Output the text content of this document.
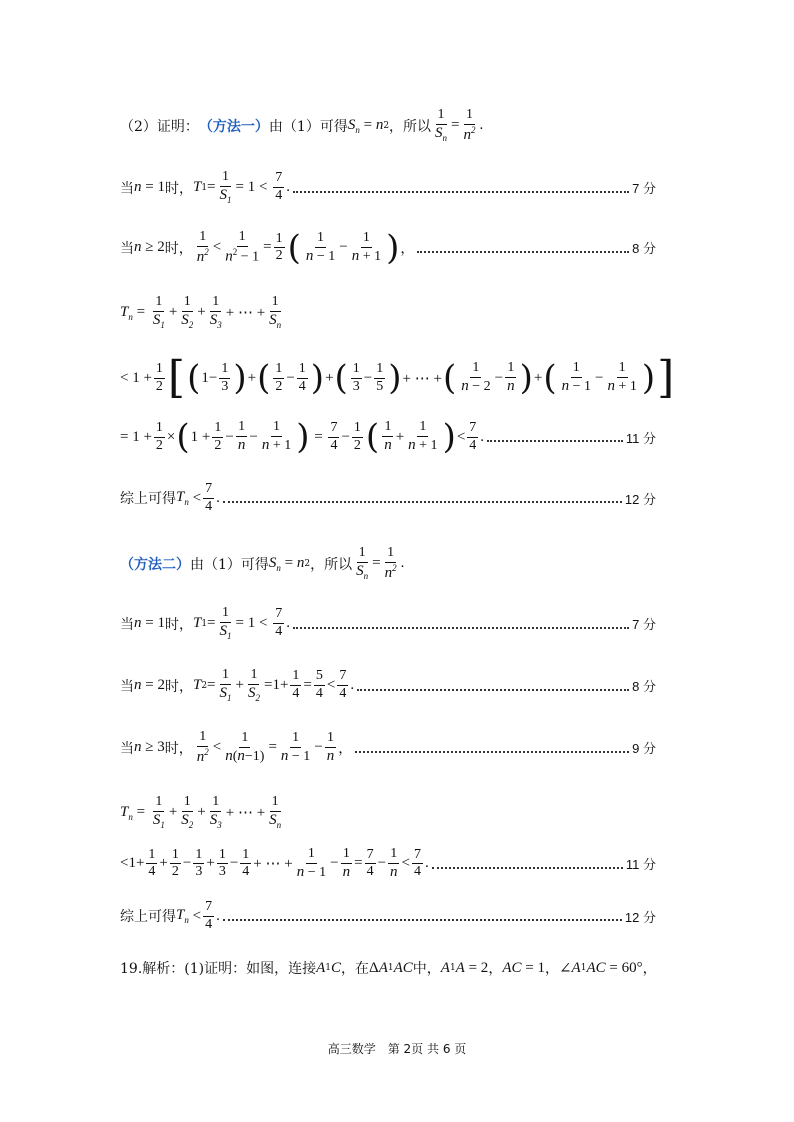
（2）证明： （方法一） 由（1）可得 $S_n = n$ 2 ，所以 $\frac{1}{S_n} = \frac{1}{n^2}$ .
当 n = 1 时， T $1 = \frac{1}{S_1} = 1 < \frac{7}{4}$ .	7 分
当 n ≥ 2 时， $\frac{1}{n^2} < \frac{1}{n^2 - 1} = \frac{1}{2}$ ( $\frac{1}{n - 1} - \frac{1}{n + 1}$ ) ，	8 分
$T_n = \frac{1}{S_1} + \frac{1}{S_2} + \frac{1}{S_3}$ + ⋯ + $\frac{1}{S_n}$
< $1 + \frac{1}{2}$ [ ( $1- \frac{1}{3}$ ) + ( $\frac{1}{2} - \frac{1}{4}$ ) + ( $\frac{1}{3} - \frac{1}{5}$ ) + ⋯ + ( $\frac{1}{n - 2} - \frac{1}{n}$ ) + ( $\frac{1}{n - 1} - \frac{1}{n + 1}$ ) ]
= $1 + \frac{1}{2}$ × ( $1 + \frac{1}{2} - \frac{1}{n} - \frac{1}{n + 1}$ ) = $\frac{7}{4} - \frac{1}{2}$ ( $\frac{1}{n} + \frac{1}{n + 1}$ ) < $\frac{7}{4}$ .	11 分
综上可得 $T_n < \frac{7}{4}$ .	12 分
（方法二） 由（1）可得 $S_n = n$ 2 ，所以 $\frac{1}{S_n} = \frac{1}{n^2}$ .
当 n = 1 时， T $1 = \frac{1}{S_1} = 1 < \frac{7}{4}$ .	7 分
当 n = 2 时， T $2 = \frac{1}{S_1} + \frac{1}{S_2} =1+ \frac{1}{4} = \frac{5}{4} < \frac{7}{4}$ .	8 分
当 n ≥ 3 时， $\frac{1}{n^2} < \frac{1}{n(n-1)} = \frac{1}{n - 1} - \frac{1}{n}$ ，	9 分
$T_n = \frac{1}{S_1} + \frac{1}{S_2} + \frac{1}{S_3}$ + ⋯ + $\frac{1}{S_n}$
$<1+ \frac{1}{4} + \frac{1}{2} - \frac{1}{3} + \frac{1}{3} - \frac{1}{4}$ + ⋯ + $\frac{1}{n - 1} - \frac{1}{n} = \frac{7}{4} - \frac{1}{n} < \frac{7}{4}$ .	11 分
综上可得 $T_n < \frac{7}{4}$ .	12 分
19.解析：(1)证明：如图，连接 A 1 C ，在 Δ A 1 AC 中， A 1 A = 2 ， AC = 1 ， ∠ A 1 AC = 60° ，
高三数学　第 2页 共 6 页
